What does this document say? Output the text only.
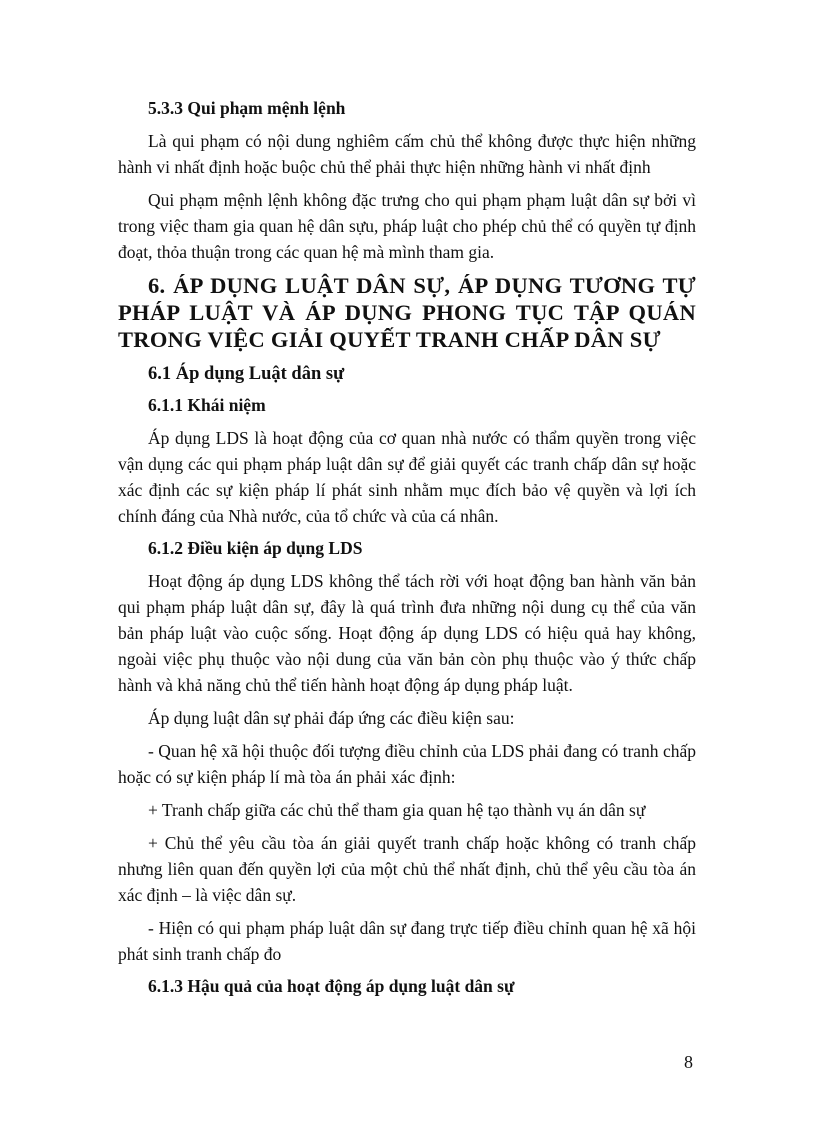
5.3.3 Qui phạm mệnh lệnh

Là qui phạm có nội dung nghiêm cấm chủ thể không được thực hiện những hành vi nhất định hoặc buộc chủ thể phải thực hiện những hành vi nhất định

Qui phạm mệnh lệnh không đặc trưng cho qui phạm phạm luật dân sự bởi vì trong việc tham gia quan hệ dân sựu, pháp luật cho phép chủ thể có quyền tự định đoạt, thỏa thuận trong các quan hệ mà mình tham gia.

6. ÁP DỤNG LUẬT DÂN SỰ, ÁP DỤNG TƯƠNG TỰ PHÁP LUẬT VÀ ÁP DỤNG PHONG TỤC TẬP QUÁN TRONG VIỆC GIẢI QUYẾT TRANH CHẤP DÂN SỰ
6.1 Áp dụng Luật dân sự
6.1.1 Khái niệm

Áp dụng LDS là hoạt động của cơ quan nhà nước có thẩm quyền trong việc vận dụng các qui phạm pháp luật dân sự để giải quyết các tranh chấp dân sự hoặc xác định các sự kiện pháp lí phát sinh nhằm mục đích bảo vệ quyền và lợi ích chính đáng của Nhà nước, của tổ chức và của cá nhân.

6.1.2 Điều kiện áp dụng LDS

Hoạt động áp dụng LDS không thể tách rời với hoạt động ban hành văn bản qui phạm pháp luật dân sự, đây là quá trình đưa những nội dung cụ thể của văn bản pháp luật vào cuộc sống. Hoạt động áp dụng LDS có hiệu quả hay không, ngoài việc phụ thuộc vào nội dung của văn bản còn phụ thuộc vào ý thức chấp hành và khả năng chủ thể tiến hành hoạt động áp dụng pháp luật.

Áp dụng luật dân sự phải đáp ứng các điều kiện sau:

- Quan hệ xã hội thuộc đối tượng điều chỉnh của LDS phải đang có tranh chấp hoặc có sự kiện pháp lí mà tòa án phải xác định:

+ Tranh chấp giữa các chủ thể tham gia quan hệ tạo thành vụ án dân sự

+ Chủ thể yêu cầu tòa án giải quyết tranh chấp hoặc không có tranh chấp nhưng liên quan đến quyền lợi của một chủ thể nhất định, chủ thể yêu cầu tòa án xác định – là việc dân sự.

- Hiện có qui phạm pháp luật dân sự đang trực tiếp điều chỉnh quan hệ xã hội phát sinh tranh chấp đo

6.1.3 Hậu quả của hoạt động áp dụng luật dân sự
8
